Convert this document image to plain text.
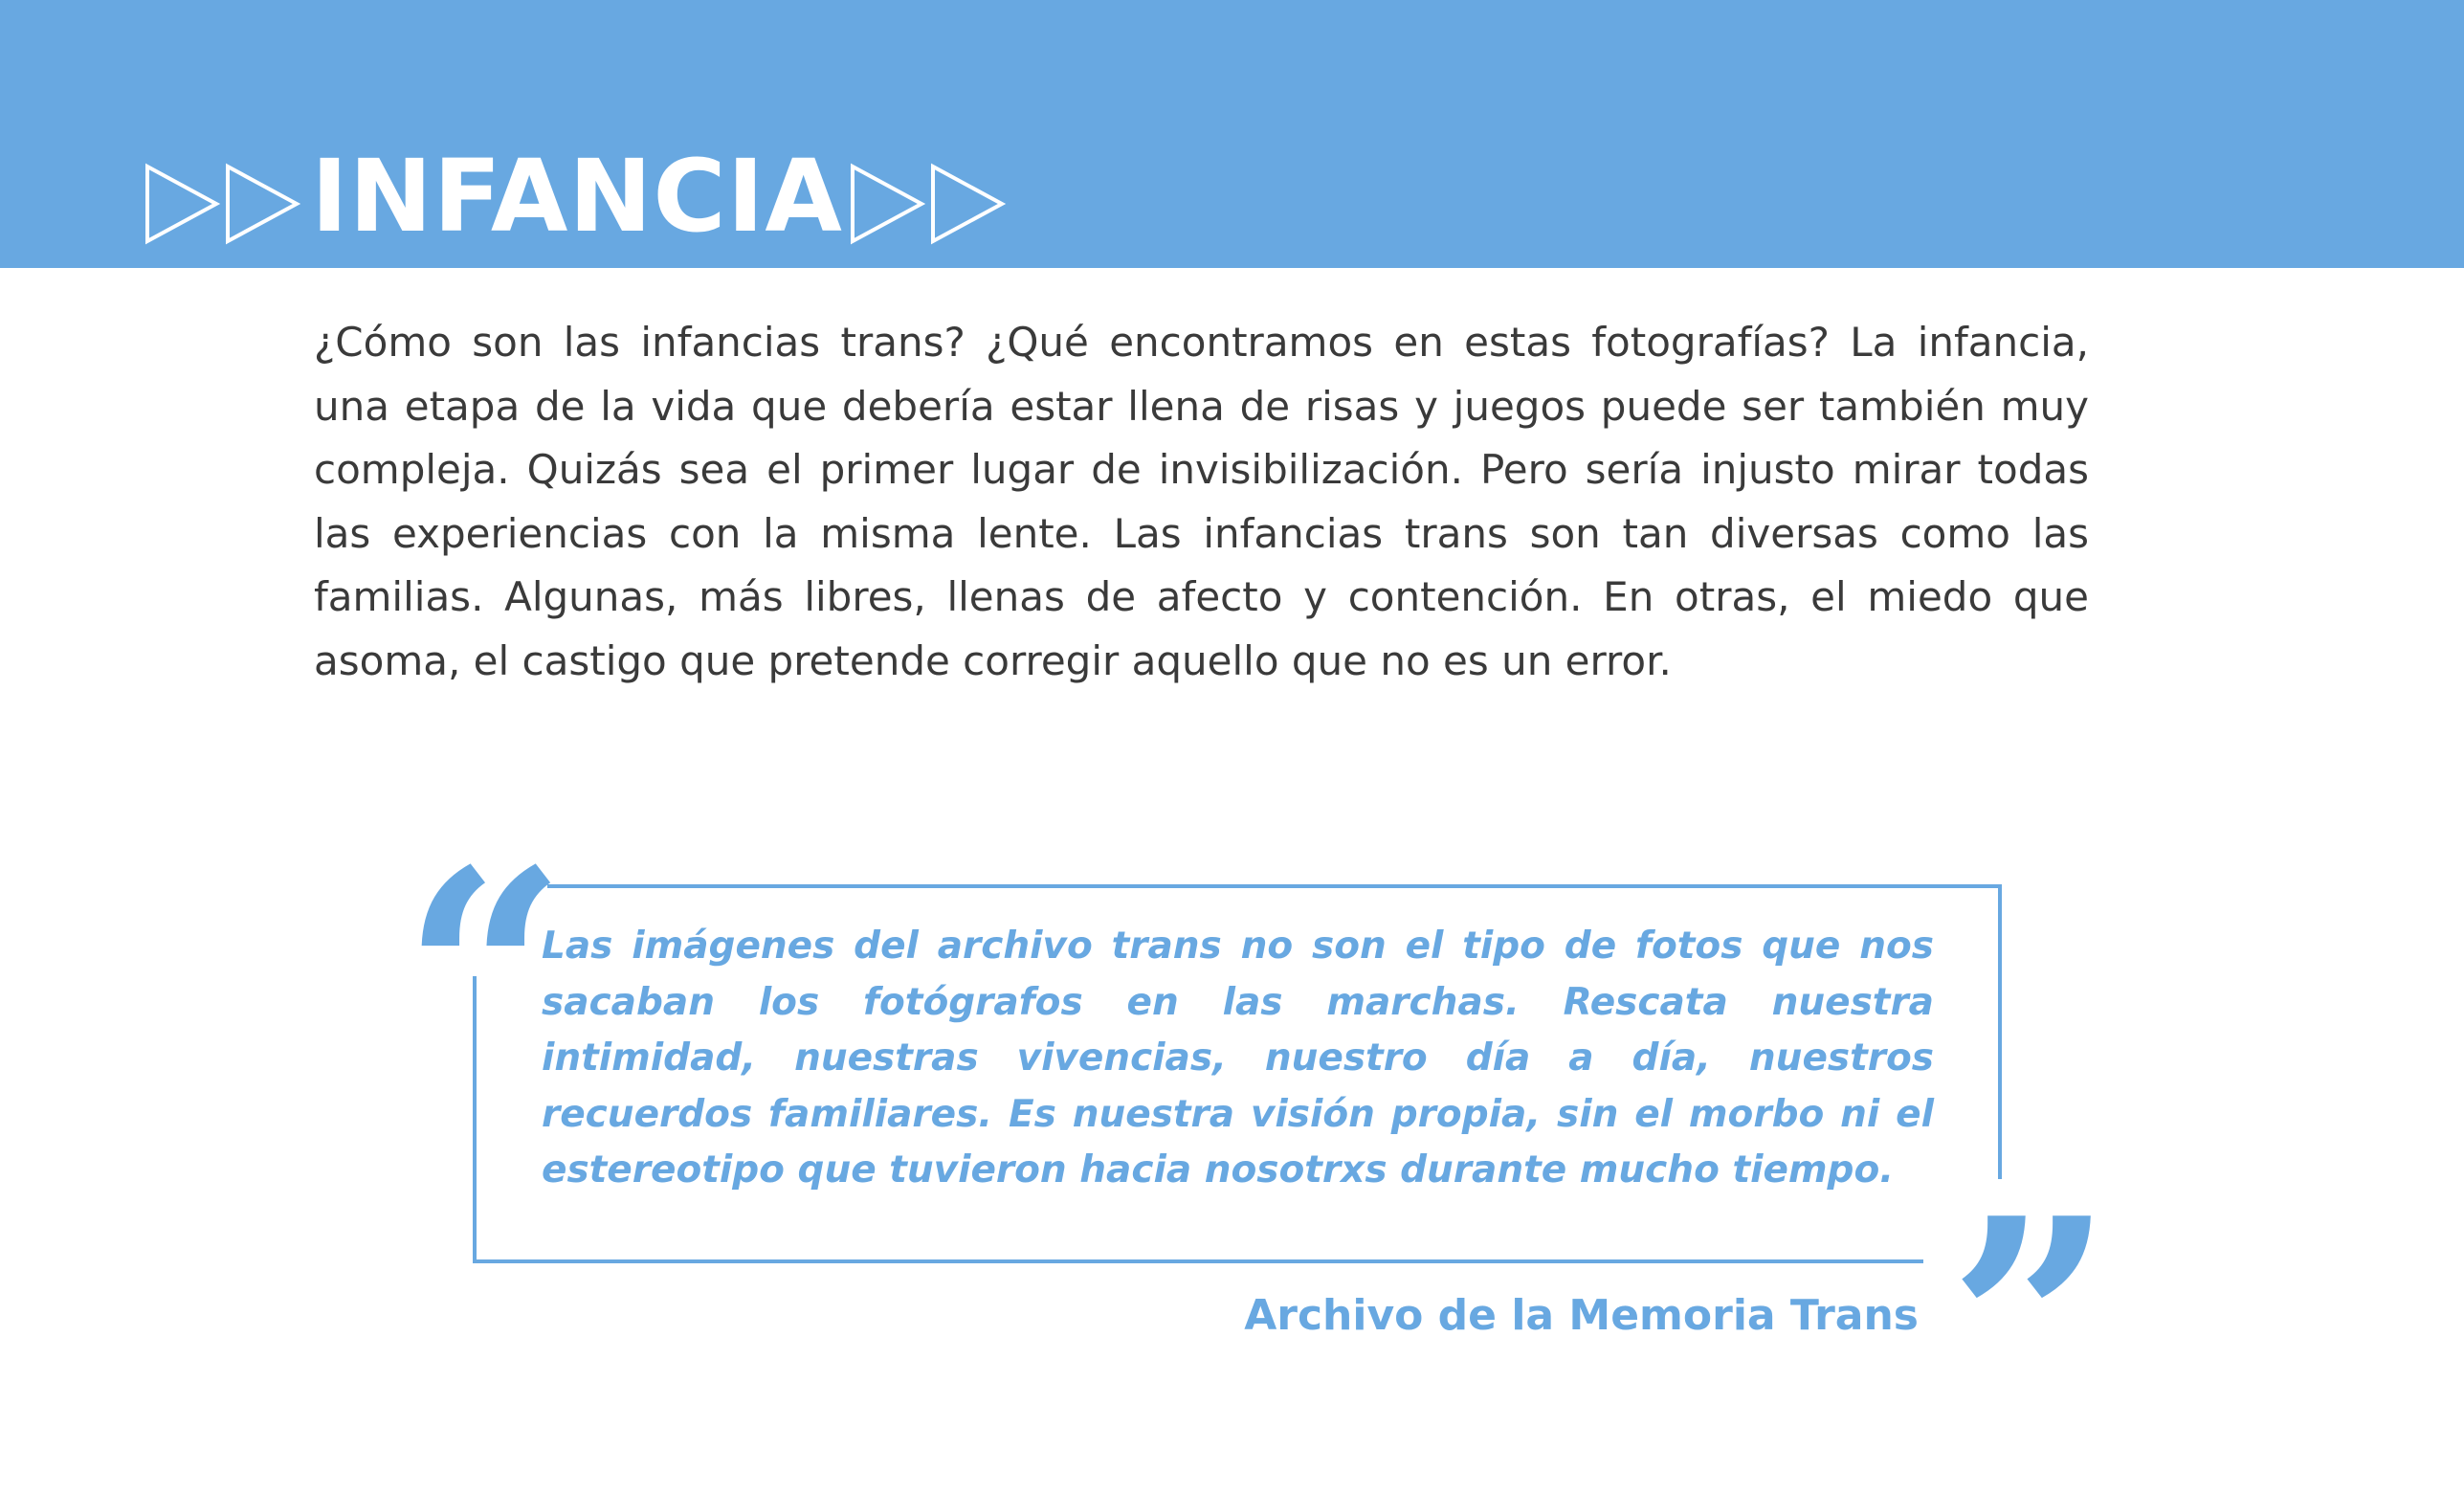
INFANCIA

¿Cómo son las infancias trans? ¿Qué encontramos en estas fotografías? La infancia, una etapa de la vida que debería estar llena de risas y juegos puede ser también muy compleja. Quizás sea el primer lugar de invisibilización. Pero sería injusto mirar todas las experiencias con la misma lente. Las infancias trans son tan diversas como las familias. Algunas, más libres, llenas de afecto y contención. En otras, el miedo que asoma, el castigo que pretende corregir aquello que no es un error.

“

Las imágenes del archivo trans no son el tipo de fotos que nos sacaban los fotógrafos en las marchas. Rescata nuestra intimidad, nuestras vivencias, nuestro día a día, nuestros recuerdos familiares. Es nuestra visión propia, sin el morbo ni el estereotipo que tuvieron hacia nosotrxs durante mucho tiempo. ”
Archivo de la Memoria Trans
